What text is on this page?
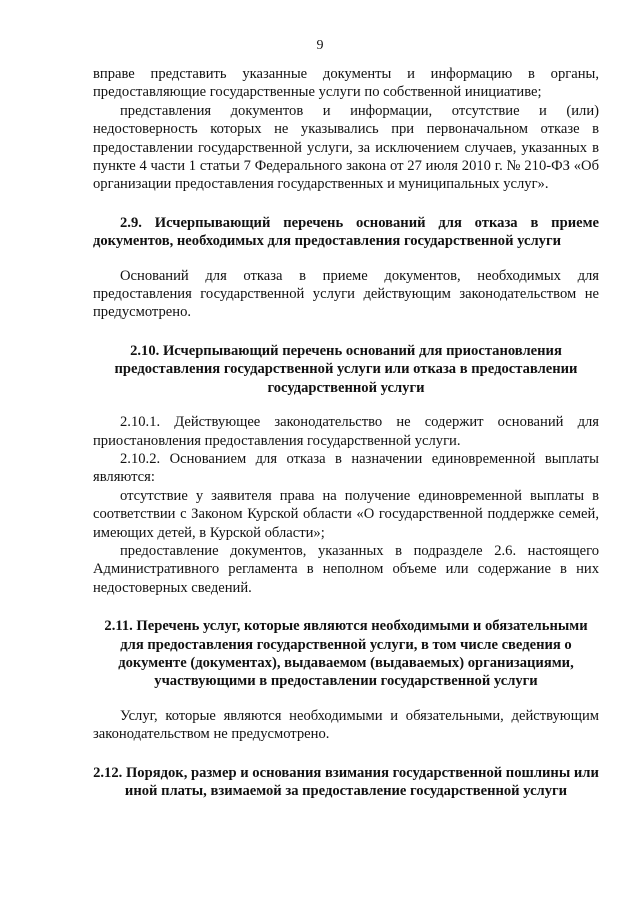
9

вправе представить указанные документы и информацию в органы, предоставляющие государственные услуги по собственной инициативе;

представления документов и информации, отсутствие и (или) недостоверность которых не указывались при первоначальном отказе в предоставлении государственной услуги, за исключением случаев, указанных в пункте 4 части 1 статьи 7 Федерального закона от 27 июля 2010 г. № 210-ФЗ «Об организации предоставления государственных и муниципальных услуг».

2.9. Исчерпывающий перечень оснований для отказа в приеме документов, необходимых для предоставления государственной услуги

Оснований для отказа в приеме документов, необходимых для предоставления государственной услуги действующим законодательством не предусмотрено.

2.10. Исчерпывающий перечень оснований для приостановления предоставления государственной услуги или отказа в предоставлении государственной услуги

2.10.1. Действующее законодательство не содержит оснований для приостановления предоставления государственной услуги.

2.10.2. Основанием для отказа в назначении единовременной выплаты являются:

отсутствие у заявителя права на получение единовременной выплаты в соответствии с Законом Курской области «О государственной поддержке семей, имеющих детей, в Курской области»;

предоставление документов, указанных в подразделе 2.6. настоящего Административного регламента в неполном объеме или содержание в них недостоверных сведений.

2.11. Перечень услуг, которые являются необходимыми и обязательными для предоставления государственной услуги, в том числе сведения о документе (документах), выдаваемом (выдаваемых) организациями, участвующими в предоставлении государственной услуги

Услуг, которые являются необходимыми и обязательными, действующим законодательством не предусмотрено.

2.12. Порядок, размер и основания взимания государственной пошлины или иной платы, взимаемой за предоставление государственной услуги
